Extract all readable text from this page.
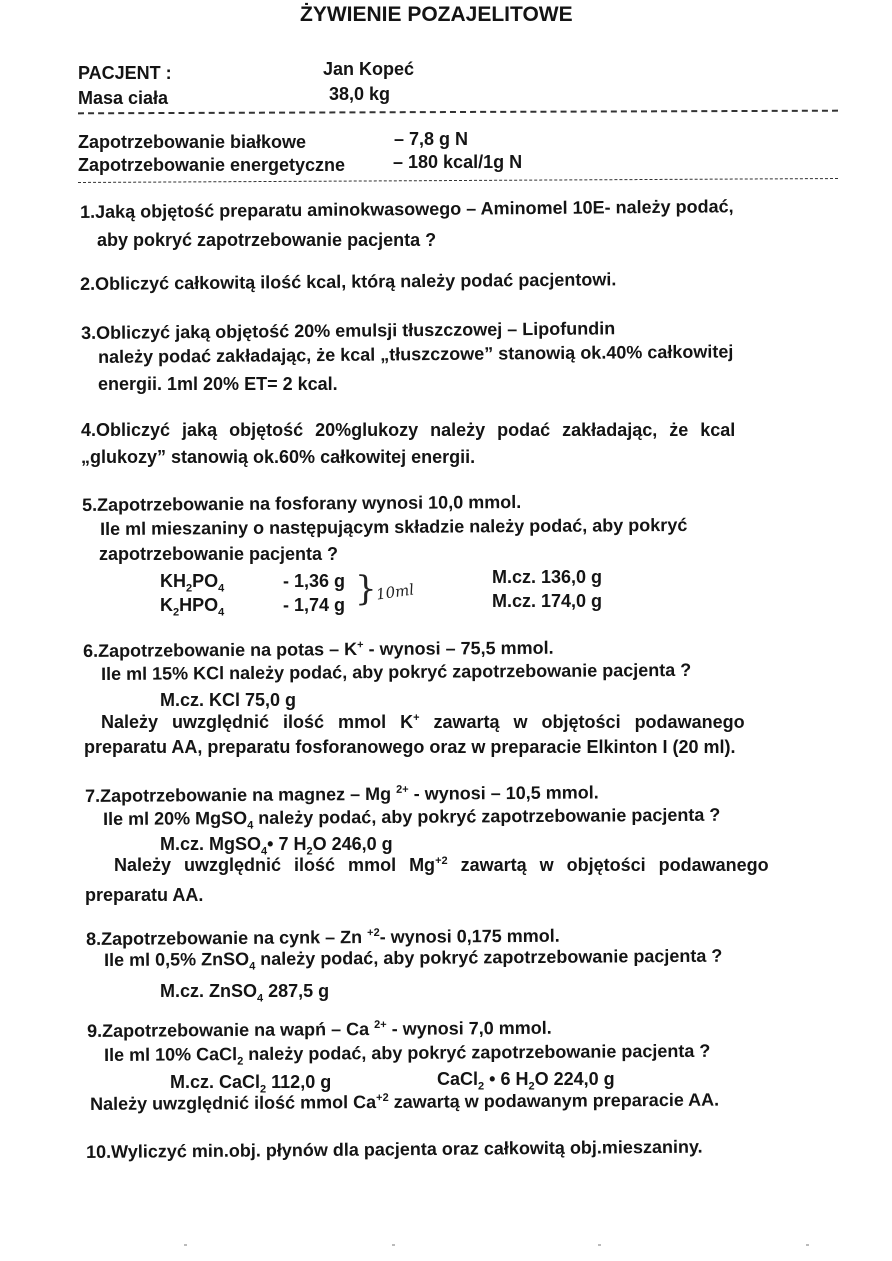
ŻYWIENIE POZAJELITOWE
PACJENT :	Jan Kopeć
Masa ciała	38,0 kg
Zapotrzebowanie białkowe	– 7,8 g N
Zapotrzebowanie energetyczne	– 180 kcal/1g N
1.Jaką objętość preparatu aminokwasowego – Aminomel 10E- należy podać,
aby pokryć zapotrzebowanie pacjenta ?
2.Obliczyć całkowitą ilość kcal, którą należy podać pacjentowi.
3.Obliczyć jaką objętość 20% emulsji tłuszczowej – Lipofundin
należy podać zakładając, że kcal „tłuszczowe” stanowią ok.40% całkowitej
energii. 1ml 20% ET= 2 kcal.
4.Obliczyć jaką objętość 20%glukozy należy podać zakładając, że kcal
„glukozy” stanowią ok.60% całkowitej energii.
5.Zapotrzebowanie na fosforany wynosi 10,0 mmol.
Ile ml mieszaniny o następującym składzie należy podać, aby pokryć
zapotrzebowanie pacjenta ?
$KH_2PO_4$	- 1,36 g	M.cz. 136,0 g
$K_2HPO_4$	- 1,74 g	M.cz. 174,0 g
}
10ml
6.Zapotrzebowanie na potas – K+ - wynosi – 75,5 mmol.
Ile ml 15% KCl należy podać, aby pokryć zapotrzebowanie pacjenta ?
M.cz. KCl 75,0 g
Należy uwzględnić ilość mmol K+ zawartą w objętości podawanego
preparatu AA, preparatu fosforanowego oraz w preparacie Elkinton I (20 ml).
7.Zapotrzebowanie na magnez – Mg $^{2+}$ - wynosi – 10,5 mmol.
Ile ml 20% MgSO$_4$ należy podać, aby pokryć zapotrzebowanie pacjenta ?
M.cz. MgSO$_4$• 7 $H_2O$ 246,0 g
Należy uwzględnić ilość mmol $Mg^{+2}$ zawartą w objętości podawanego
preparatu AA.
8.Zapotrzebowanie na cynk – Zn $^{+2}$- wynosi 0,175 mmol.
Ile ml 0,5% ZnSO$_4$ należy podać, aby pokryć zapotrzebowanie pacjenta ?
M.cz. ZnSO$_4$ 287,5 g
9.Zapotrzebowanie na wapń – Ca $^{2+}$ - wynosi 7,0 mmol.
Ile ml 10% CaCl$_2$ należy podać, aby pokryć zapotrzebowanie pacjenta ?
M.cz. CaCl$_2$ 112,0 g	CaCl$_2$ • 6 $H_2O$ 224,0 g
Należy uwzględnić ilość mmol $Ca^{+2}$ zawartą w podawanym preparacie AA.
10.Wyliczyć min.obj. płynów dla pacjenta oraz całkowitą obj.mieszaniny.
